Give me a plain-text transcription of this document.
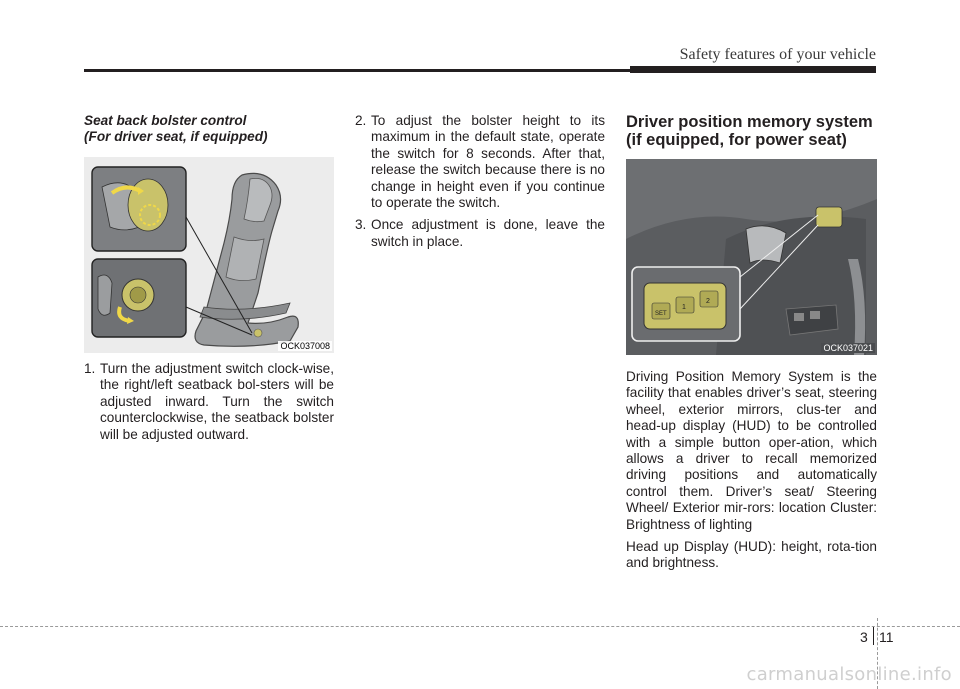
Safety features of your vehicle
Seat back bolster control
(For driver seat, if equipped)
OCK037008
1. Turn the adjustment switch clock-wise, the right/left seatback bol-sters will be adjusted inward. Turn the switch counterclockwise, the seatback bolster will be adjusted outward.
2. To adjust the bolster height to its maximum in the default state, operate the switch for 8 seconds. After that, release the switch because there is no change in height even if you continue to operate the switch.
3. Once adjustment is done, leave the switch in place.
Driver position memory system
(if equipped, for power seat)
SET
1
2
OCK037021
Driving Position Memory System is the facility that enables driver’s seat, steering wheel, exterior mirrors, clus-ter and head-up display (HUD) to be controlled with a simple button oper-ation, which allows a driver to recall memorized driving positions and automatically control them. Driver’s seat/ Steering Wheel/ Exterior mir-rors: location Cluster: Brightness of lighting
Head up Display (HUD): height, rota-tion and brightness.
3 11
carmanualsonline.info
